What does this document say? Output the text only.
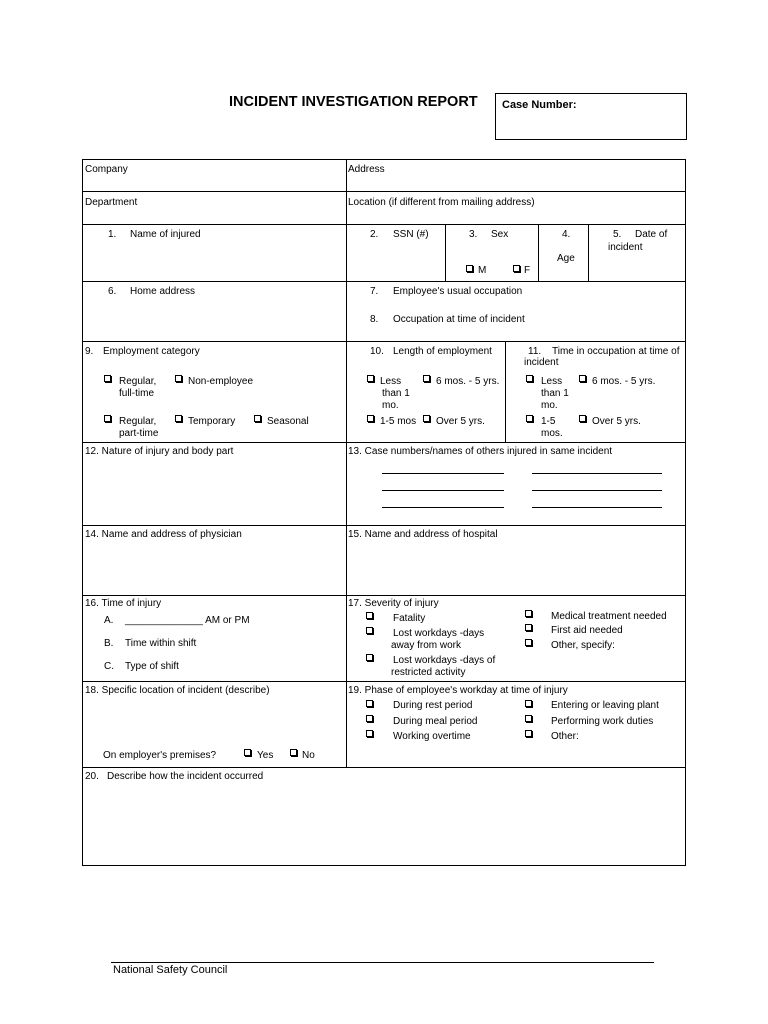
INCIDENT INVESTIGATION REPORT Case Number:
Company	Address
Department	Location (if different from mailing address)
1. Name of injured	2. SSN (#)	3. Sex
M	F
4.
Age
5. Date of
incident
6. Home address	7. Employee's usual occupation
8. Occupation at time of incident
9. Employment category
Regular,
full-time
Non-employee
Regular,
part-time
Temporary	Seasonal
10. Length of employment
Less
than 1
mo.
6 mos. - 5 yrs.
1-5 mos Over 5 yrs.
11. Time in occupation at time of
incident
Less
than 1
mo.
6 mos. - 5 yrs.
1-5
mos.
Over 5 yrs.
12. Nature of injury and body part	13. Case numbers/names of others injured in same incident
14. Name and address of physician	15. Name and address of hospital
16. Time of injury
A. ______________ AM or PM
B. Time within shift
C. Type of shift
17. Severity of injury
Fatality
Lost workdays -days
away from work
Lost workdays -days of
restricted activity
Medical treatment needed
First aid needed
Other, specify:
18. Specific location of incident (describe)
On employer's premises?	Yes	No
19. Phase of employee's workday at time of injury
During rest period
During meal period
Working overtime
Entering or leaving plant
Performing work duties
Other:
20. Describe how the incident occurred
National Safety Council
